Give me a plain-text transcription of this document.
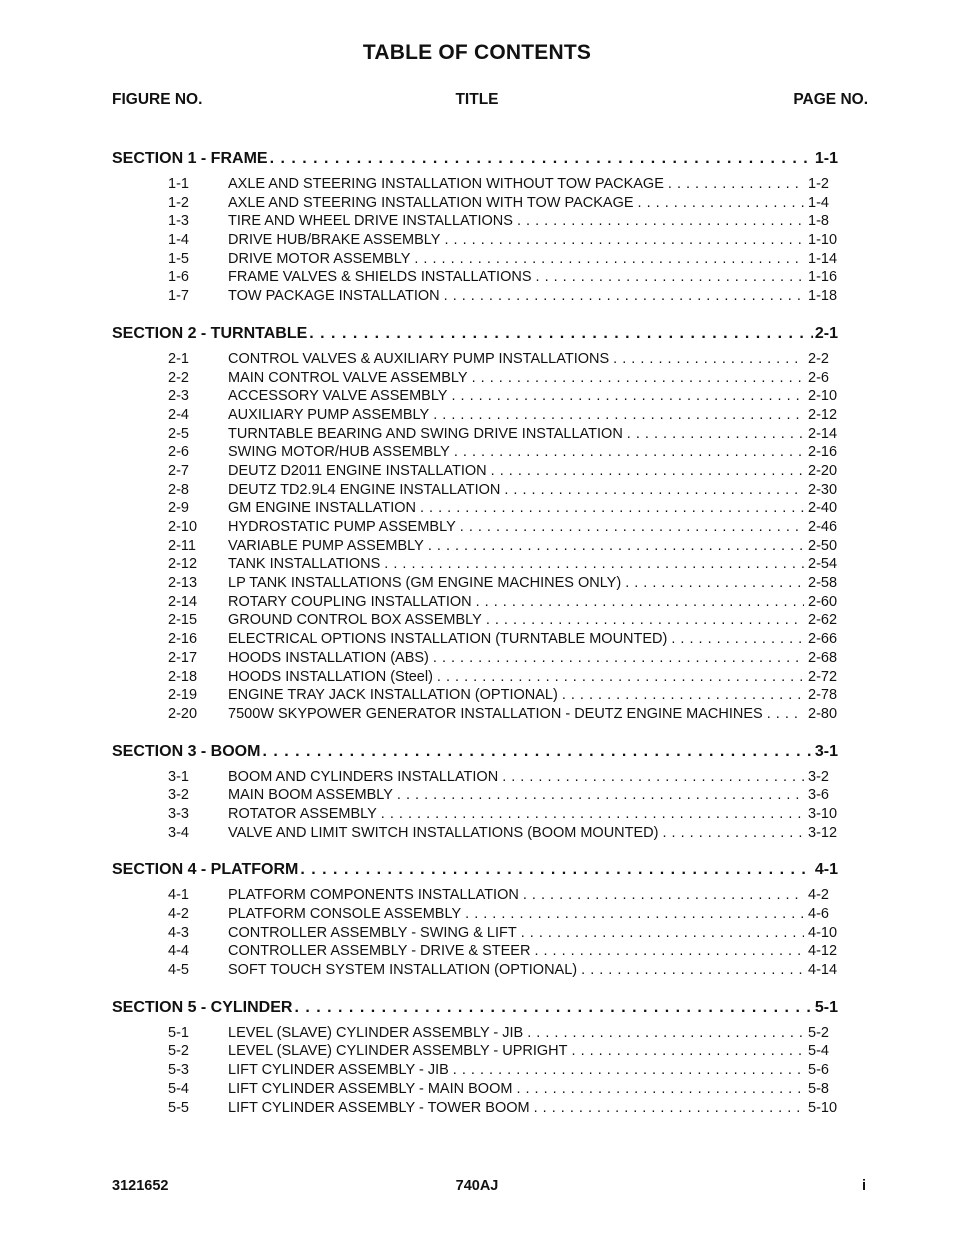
TABLE OF CONTENTS
FIGURE NO.	TITLE	PAGE NO.
SECTION 1 - FRAME . . .	1-1
1-1	AXLE AND STEERING INSTALLATION WITHOUT TOW PACKAGE . . .	1-2
1-2	AXLE AND STEERING INSTALLATION WITH TOW PACKAGE . . .	1-4
1-3	TIRE AND WHEEL DRIVE INSTALLATIONS . . .	1-8
1-4	DRIVE HUB/BRAKE ASSEMBLY . . .	1-10
1-5	DRIVE MOTOR ASSEMBLY . . .	1-14
1-6	FRAME VALVES & SHIELDS INSTALLATIONS . . .	1-16
1-7	TOW PACKAGE INSTALLATION . . .	1-18
SECTION 2 - TURNTABLE . . .	2-1
2-1	CONTROL VALVES & AUXILIARY PUMP INSTALLATIONS . . .	2-2
2-2	MAIN CONTROL VALVE ASSEMBLY . . .	2-6
2-3	ACCESSORY VALVE ASSEMBLY . . .	2-10
2-4	AUXILIARY PUMP ASSEMBLY . . .	2-12
2-5	TURNTABLE BEARING AND SWING DRIVE INSTALLATION . . .	2-14
2-6	SWING MOTOR/HUB ASSEMBLY . . .	2-16
2-7	DEUTZ D2011 ENGINE INSTALLATION . . .	2-20
2-8	DEUTZ TD2.9L4 ENGINE INSTALLATION . . .	2-30
2-9	GM ENGINE INSTALLATION . . .	2-40
2-10	HYDROSTATIC PUMP ASSEMBLY . . .	2-46
2-11	VARIABLE PUMP ASSEMBLY . . .	2-50
2-12	TANK INSTALLATIONS . . .	2-54
2-13	LP TANK INSTALLATIONS (GM ENGINE MACHINES ONLY) . . .	2-58
2-14	ROTARY COUPLING INSTALLATION . . .	2-60
2-15	GROUND CONTROL BOX ASSEMBLY . . .	2-62
2-16	ELECTRICAL OPTIONS INSTALLATION (TURNTABLE MOUNTED) . . .	2-66
2-17	HOODS INSTALLATION (ABS) . . .	2-68
2-18	HOODS INSTALLATION (Steel) . . .	2-72
2-19	ENGINE TRAY JACK INSTALLATION (OPTIONAL) . . .	2-78
2-20	7500W SKYPOWER GENERATOR INSTALLATION - DEUTZ ENGINE MACHINES . . .	2-80
SECTION 3 - BOOM . . .	3-1
3-1	BOOM AND CYLINDERS INSTALLATION . . .	3-2
3-2	MAIN BOOM ASSEMBLY . . .	3-6
3-3	ROTATOR ASSEMBLY . . .	3-10
3-4	VALVE AND LIMIT SWITCH INSTALLATIONS (BOOM MOUNTED) . . .	3-12
SECTION 4 - PLATFORM . . .	4-1
4-1	PLATFORM COMPONENTS INSTALLATION . . .	4-2
4-2	PLATFORM CONSOLE ASSEMBLY . . .	4-6
4-3	CONTROLLER ASSEMBLY - SWING & LIFT . . .	4-10
4-4	CONTROLLER ASSEMBLY - DRIVE & STEER . . .	4-12
4-5	SOFT TOUCH SYSTEM INSTALLATION (OPTIONAL) . . .	4-14
SECTION 5 - CYLINDER . . .	5-1
5-1	LEVEL (SLAVE) CYLINDER ASSEMBLY - JIB . . .	5-2
5-2	LEVEL (SLAVE) CYLINDER ASSEMBLY - UPRIGHT . . .	5-4
5-3	LIFT CYLINDER ASSEMBLY - JIB . . .	5-6
5-4	LIFT CYLINDER ASSEMBLY - MAIN BOOM . . .	5-8
5-5	LIFT CYLINDER ASSEMBLY - TOWER BOOM . . .	5-10
3121652	740AJ	i
